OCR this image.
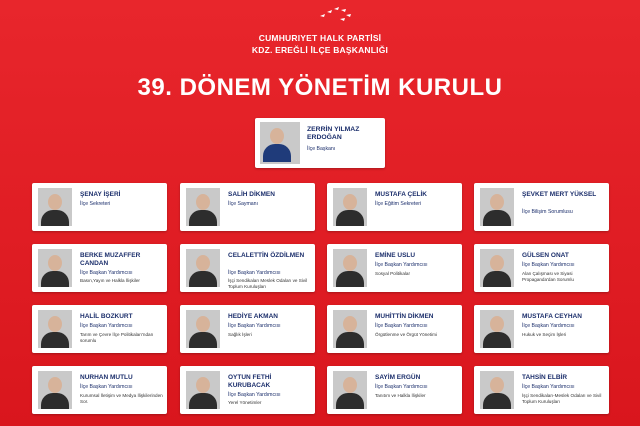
CUMHURIYET HALK PARTİSİ
KDZ. EREĞLİ İLÇE BAŞKANLIĞI
39. DÖNEM YÖNETİM KURULU
ZERRİN YILMAZ ERDOĞAN
İlçe Başkanı
ŞENAY İŞERİ
İlçe Sekreteri
SALİH DİKMEN
İlçe Saymanı
MUSTAFA ÇELİK
İlçe Eğitim Sekreteri
ŞEVKET MERT YÜKSEL
İlçe Bilişim Sorumlusu
BERKE MUZAFFER CANDAN
İlçe Başkan Yardımcısı
Basın,Yayın ve Halkla İlişkiler
CELALETTİN ÖZDİLMEN
İlçe Başkan Yardımcısı
İşçi Sendikaları Meslek Odaları ve Sivil Toplum Kuruluşları
EMİNE USLU
İlçe Başkan Yardımcısı
Sosyal Politikalar
GÜLSEN ONAT
İlçe Başkan Yardımcısı
Alan Çalışması ve Siyasi Propaganda'dan Sorumlu
HALİL BOZKURT
İlçe Başkan Yardımcısı
Tarım ve Çevre İlçe Politikaları'ndan sorumlu
HEDİYE AKMAN
İlçe Başkan Yardımcısı
Sağlık İşleri
MUHİTTİN DİKMEN
İlçe Başkan Yardımcısı
Örgütlenme ve Örgüt Yönetimi
MUSTAFA CEYHAN
İlçe Başkan Yardımcısı
Hukuk ve Seçim İşleri
NURHAN MUTLU
İlçe Başkan Yardımcısı
Kurumsal İletişim ve Medya İlişkilerinden Sor.
OYTUN FETHİ KURUBACAK
İlçe Başkan Yardımcısı
Yerel Yönetimler
SAYİM ERGÜN
İlçe Başkan Yardımcısı
Tanıtım ve Halkla İlişkiler
TAHSİN ELBİR
İlçe Başkan Yardımcısı
İşçi Sendikaları-Meslek Odaları ve Sivil Toplum Kuruluşları
